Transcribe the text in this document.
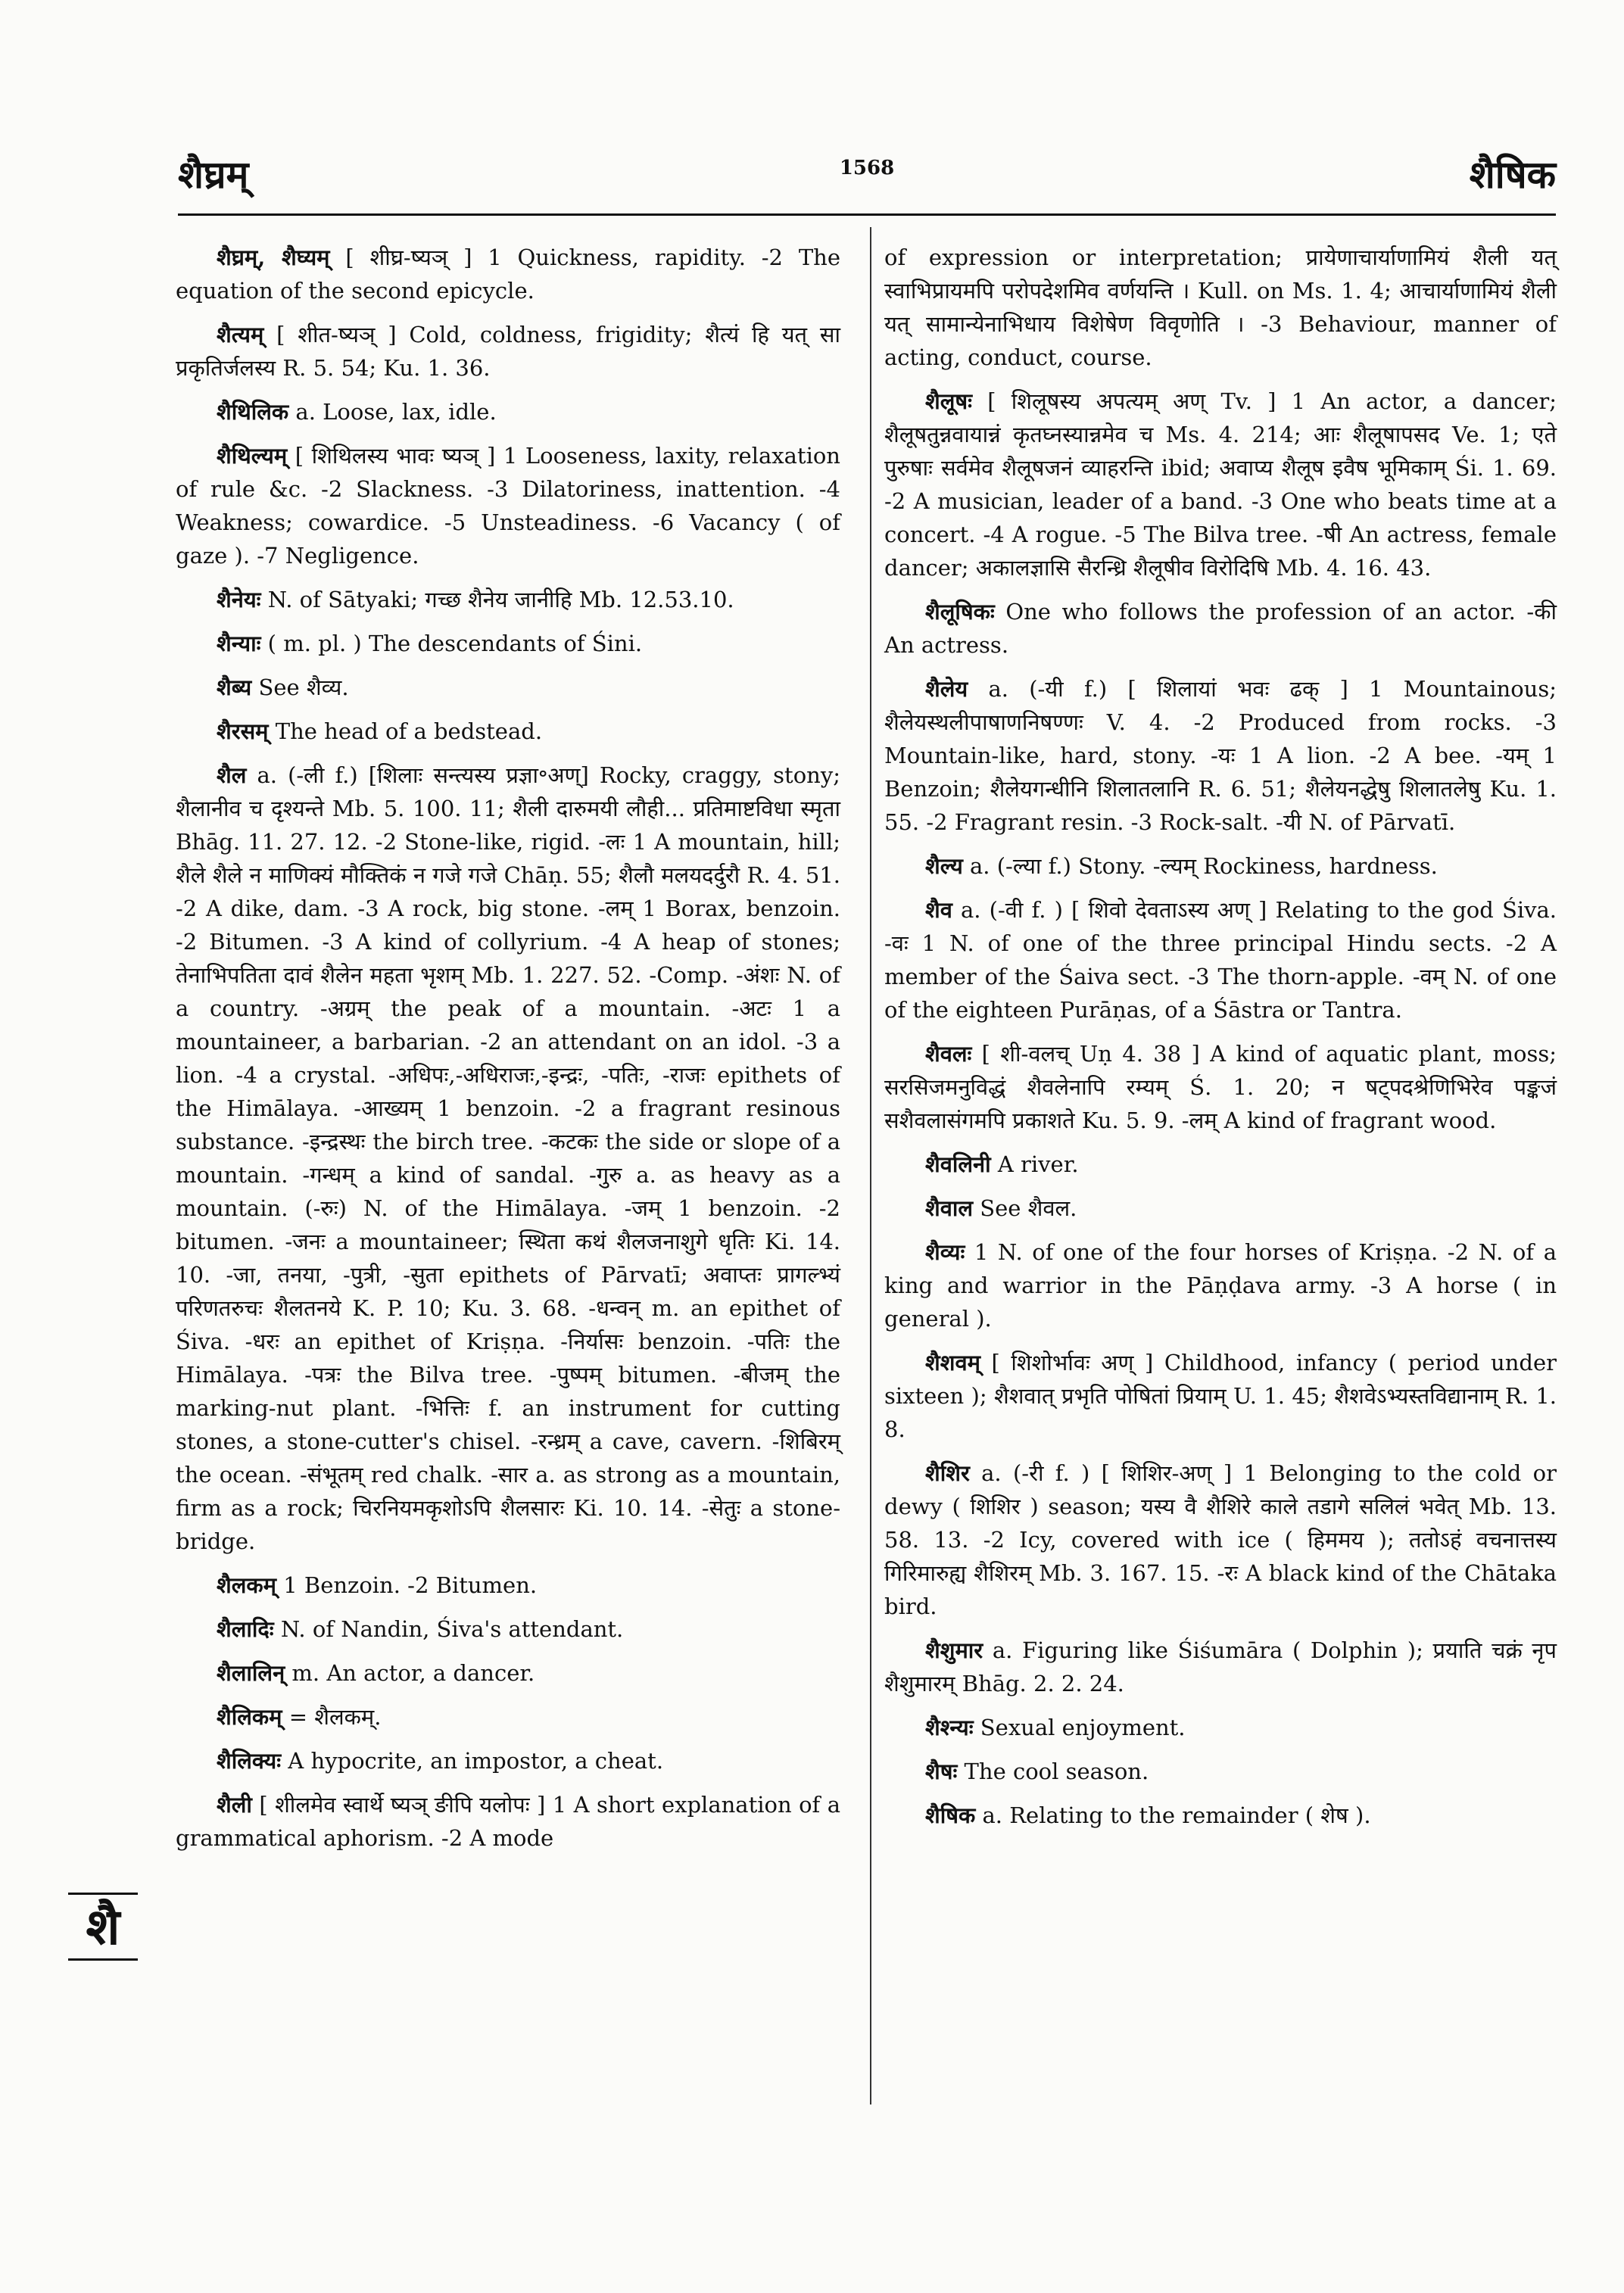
शैघ्रम्	1568	शैषिक

शैघ्रम्, शैघ्यम् [ शीघ्र-ष्यञ् ] 1 Quickness, rapidity. -2 The equation of the second epicycle.

शैत्यम् [ शीत-ष्यञ् ] Cold, coldness, frigidity; शैत्यं हि यत् सा प्रकृतिर्जलस्य R. 5. 54; Ku. 1. 36.

शैथिलिक a. Loose, lax, idle.

शैथिल्यम् [ शिथिलस्य भावः ष्यञ् ] 1 Looseness, laxity, relaxation of rule &c. -2 Slackness. -3 Dilatoriness, inattention. -4 Weakness; cowardice. -5 Unsteadiness. -6 Vacancy ( of gaze ). -7 Negligence.

शैनेयः N. of Sātyaki; गच्छ शैनेय जानीहि Mb. 12.53.10.

शैन्याः ( m. pl. ) The descendants of Śini.

शैब्य See शैव्य.

शैरसम् The head of a bedstead.

शैल a. (-ली f.) [शिलाः सन्त्यस्य प्रज्ञा॰अण्] Rocky, craggy, stony; शैलानीव च दृश्यन्ते Mb. 5. 100. 11; शैली दारुमयी लौही... प्रतिमाष्टविधा स्मृता Bhāg. 11. 27. 12. -2 Stone-like, rigid. -लः 1 A mountain, hill; शैले शैले न माणिक्यं मौक्तिकं न गजे गजे Chāṇ. 55; शैलौ मलयदर्दुरौ R. 4. 51. -2 A dike, dam. -3 A rock, big stone. -लम् 1 Borax, benzoin. -2 Bitumen. -3 A kind of collyrium. -4 A heap of stones; तेनाभिपतिता दावं शैलेन महता भृशम् Mb. 1. 227. 52. -Comp. -अंशः N. of a country. -अग्रम् the peak of a mountain. -अटः 1 a mountaineer, a barbarian. -2 an attendant on an idol. -3 a lion. -4 a crystal. -अधिपः,-अधिराजः,-इन्द्रः, -पतिः, -राजः epithets of the Himālaya. -आख्यम् 1 benzoin. -2 a fragrant resinous substance. -इन्द्रस्थः the birch tree. -कटकः the side or slope of a mountain. -गन्धम् a kind of sandal. -गुरु a. as heavy as a mountain. (-रुः) N. of the Himālaya. -जम् 1 benzoin. -2 bitumen. -जनः a mountaineer; स्थिता कथं शैलजनाशुगे धृतिः Ki. 14. 10. -जा, तनया, -पुत्री, -सुता epithets of Pārvatī; अवाप्तः प्रागल्भ्यं परिणतरुचः शैलतनये K. P. 10; Ku. 3. 68. -धन्वन् m. an epithet of Śiva. -धरः an epithet of Kriṣṇa. -निर्यासः benzoin. -पतिः the Himālaya. -पत्रः the Bilva tree. -पुष्पम् bitumen. -बीजम् the marking-nut plant. -भित्तिः f. an instrument for cutting stones, a stone-cutter's chisel. -रन्ध्रम् a cave, cavern. -शिबिरम् the ocean. -संभूतम् red chalk. -सार a. as strong as a mountain, firm as a rock; चिरनियमकृशोऽपि शैलसारः Ki. 10. 14. -सेतुः a stone-bridge.

शैलकम् 1 Benzoin. -2 Bitumen.

शैलादिः N. of Nandin, Śiva's attendant.

शैलालिन् m. An actor, a dancer.

शैलिकम् = शैलकम्.

शैलिक्यः A hypocrite, an impostor, a cheat.

शैली [ शीलमेव स्वार्थे ष्यञ् ङीपि यलोपः ] 1 A short explanation of a grammatical aphorism. -2 A mode

of expression or interpretation; प्रायेणाचार्याणामियं शैली यत् स्वाभिप्रायमपि परोपदेशमिव वर्णयन्ति । Kull. on Ms. 1. 4; आचार्याणामियं शैली यत् सामान्येनाभिधाय विशेषेण विवृणोति । -3 Behaviour, manner of acting, conduct, course.

शैलूषः [ शिलूषस्य अपत्यम् अण् Tv. ] 1 An actor, a dancer; शैलूषतुन्नवायान्नं कृतघ्नस्यान्नमेव च Ms. 4. 214; आः शैलूषापसद Ve. 1; एते पुरुषाः सर्वमेव शैलूषजनं व्याहरन्ति ibid; अवाप्य शैलूष इवैष भूमिकाम् Śi. 1. 69. -2 A musician, leader of a band. -3 One who beats time at a concert. -4 A rogue. -5 The Bilva tree. -षी An actress, female dancer; अकालज्ञासि सैरन्ध्रि शैलूषीव विरोदिषि Mb. 4. 16. 43.

शैलूषिकः One who follows the profession of an actor. -की An actress.

शैलेय a. (-यी f.) [ शिलायां भवः ढक् ] 1 Mountainous; शैलेयस्थलीपाषाणनिषण्णः V. 4. -2 Produced from rocks. -3 Mountain-like, hard, stony. -यः 1 A lion. -2 A bee. -यम् 1 Benzoin; शैलेयगन्धीनि शिलातलानि R. 6. 51; शैलेयनद्धेषु शिलातलेषु Ku. 1. 55. -2 Fragrant resin. -3 Rock-salt. -यी N. of Pārvatī.

शैल्य a. (-ल्या f.) Stony. -ल्यम् Rockiness, hardness.

शैव a. (-वी f. ) [ शिवो देवताऽस्य अण् ] Relating to the god Śiva. -वः 1 N. of one of the three principal Hindu sects. -2 A member of the Śaiva sect. -3 The thorn-apple. -वम् N. of one of the eighteen Purāṇas, of a Śāstra or Tantra.

शैवलः [ शी-वलच् Uṇ 4. 38 ] A kind of aquatic plant, moss; सरसिजमनुविद्धं शैवलेनापि रम्यम् Ś. 1. 20; न षट्पदश्रेणिभिरेव पङ्कजं सशैवलासंगमपि प्रकाशते Ku. 5. 9. -लम् A kind of fragrant wood.

शैवलिनी A river.

शैवाल See शैवल.

शैव्यः 1 N. of one of the four horses of Kriṣṇa. -2 N. of a king and warrior in the Pāṇḍava army. -3 A horse ( in general ).

शैशवम् [ शिशोर्भावः अण् ] Childhood, infancy ( period under sixteen ); शैशवात् प्रभृति पोषितां प्रियाम् U. 1. 45; शैशवेऽभ्यस्तविद्यानाम् R. 1. 8.

शैशिर a. (-री f. ) [ शिशिर-अण् ] 1 Belonging to the cold or dewy ( शिशिर ) season; यस्य वै शैशिरे काले तडागे सलिलं भवेत् Mb. 13. 58. 13. -2 Icy, covered with ice ( हिममय ); ततोऽहं वचनात्तस्य गिरिमारुह्य शैशिरम् Mb. 3. 167. 15. -रः A black kind of the Chātaka bird.

शैशुमार a. Figuring like Śiśumāra ( Dolphin ); प्रयाति चक्रं नृप शैशुमारम् Bhāg. 2. 2. 24.

शैश्न्यः Sexual enjoyment.

शैषः The cool season.

शैषिक a. Relating to the remainder ( शेष ).

शै
